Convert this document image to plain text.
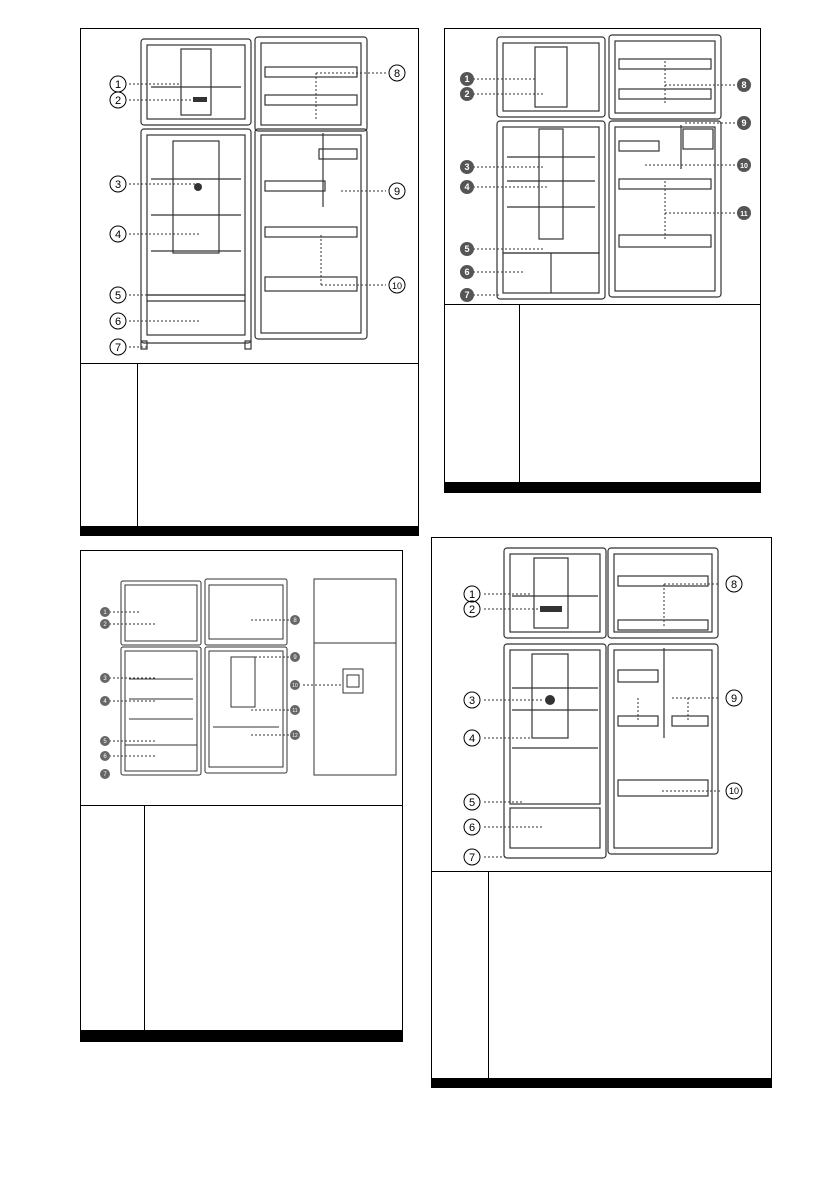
1
2
3
4
5
6
7
8
9
10

1
2
3
4
5
6
7
8
9
10
11

1
2
3
4
5
6
7
8
9
10
11
12

1
2
3
4
5
6
7
8
9
10
